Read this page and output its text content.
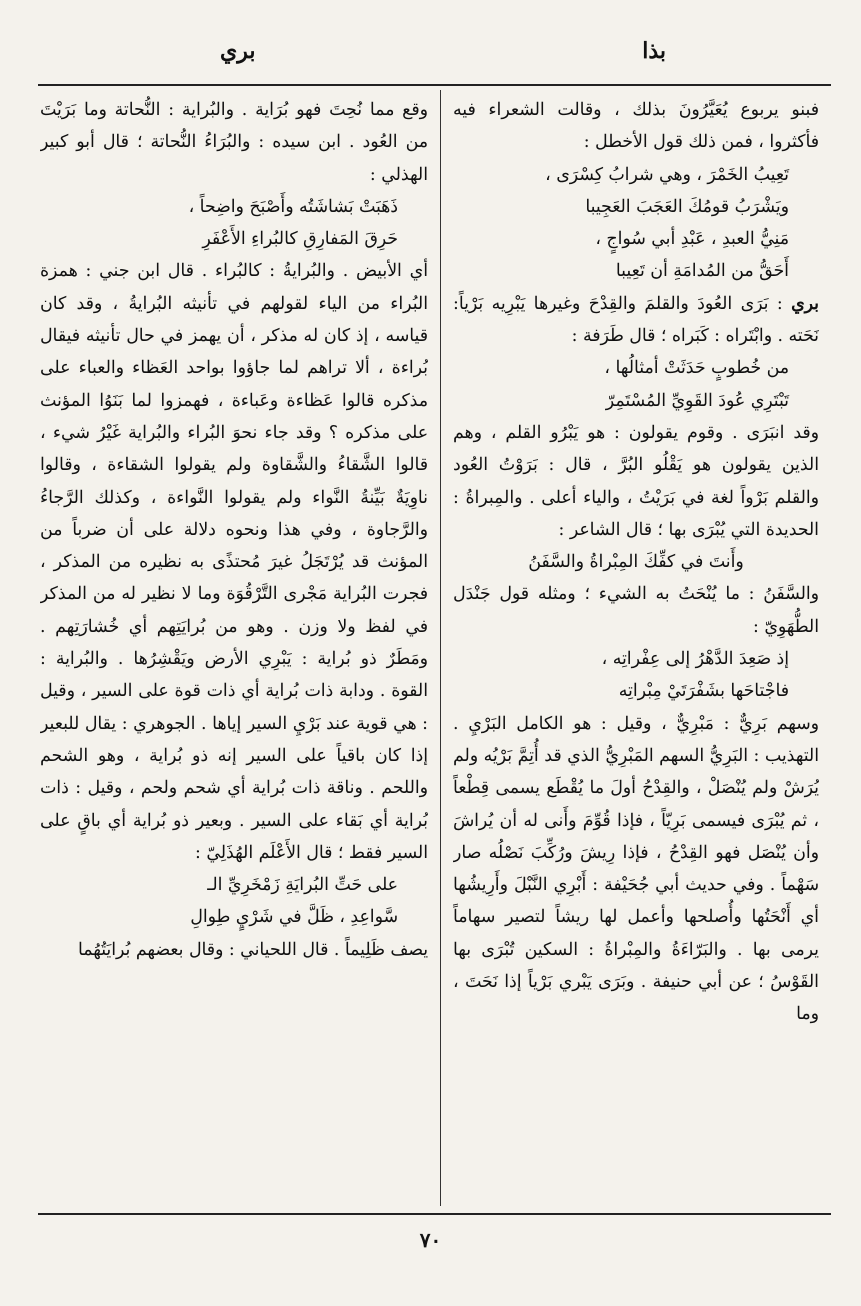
بذا
بري

فبنو يربوع يُعَيَّرُونَ بذلك ، وقالت الشعراء فيه فأكثروا ، فمن ذلك قول الأخطل :

تَعِيبُ الخَمْرَ ، وهي شرابُ كِسْرَى ،
ويَشْرَبُ قومُكَ العَجَبَ العَجِيبا
مَنِيُّ العبدِ ، عَبْدِ أبي سُواجٍ ،
أَحَقُّ من المُدامَةِ أن تَعِيبا

بري : بَرَى العُودَ والقلمَ والقِدْحَ وغيرها يَبْرِيه بَرْياً: نَحَته . وابْتَراه : كَبَراه ؛ قال طَرَفة :

من خُطوبٍ حَدَثَتْ أمثالُها ،
تَبْتَرِي عُودَ القَوِيِّ المُسْتَمِرّ

وقد انبَرَى . وقوم يقولون : هو يَبْرُو القلم ، وهم الذين يقولون هو يَقْلُو البُرَّ ، قال : بَرَوْتُ العُود والقلم بَرْواً لغة في بَرَيْتُ ، والياء أعلى . والمِبراةُ : الحديدة التي يُبْرَى بها ؛ قال الشاعر :

وأَنتَ في كفِّكَ المِبْراةُ والسَّفَنُ

والسَّفَنُ : ما يُنْحَتُ به الشيء ؛ ومثله قول جَنْدَل الطُّهَوِيّ :

إذ صَعِدَ الدَّهْرُ إلى عِفْراتِه ،
فاجْتاحَها بشَفْرَتَيْ مِبْراتِه

وسهم بَرِيٌّ : مَبْرِيٌّ ، وقيل : هو الكامل البَرْيِ . التهذيب : البَرِيُّ السهم المَبْرِيُّ الذي قد أُتِمَّ بَرْيُه ولم يُرَشْ ولم يُنْصَلْ ، والقِدْحُ أولَ ما يُقْطَع يسمى قِطْعاً ، ثم يُبْرَى فيسمى بَرِيّاً ، فإذا قُوِّمَ وأَنى له أن يُراشَ وأن يُنْصَل فهو القِدْحُ ، فإذا رِيشَ ورُكِّبَ نَصْلُه صار سَهْماً . وفي حديث أبي جُحَيْفة : أَبْرِي النَّبْلَ وأَرِيشُها أي أَنْحَتُها وأُصلحها وأعمل لها ريشاً لتصير سهاماً يرمى بها . والبَرّاءَةُ والمِبْراةُ : السكين تُبْرَى بها القَوْسُ ؛ عن أبي حنيفة . وبَرَى يَبْري بَرْياً إذا نَحَتَ ، وما

وقع مما نُحِتَ فهو بُرَاية . والبُراية : النُّحاتة وما بَرَيْتَ من العُود . ابن سيده : والبُرَاءُ النُّحاتة ؛ قال أبو كبير الهذلي :

ذَهَبَتْ بَشاشَتُه وأَصْبَحَ واضِحاً ،
حَرِقَ المَفارِقِ كالبُراءِ الأَعْفَرِ

أي الأبيض . والبُرايةُ : كالبُراء . قال ابن جني : همزة البُراء من الياء لقولهم في تأنيثه البُرايةُ ، وقد كان قياسه ، إذ كان له مذكر ، أن يهمز في حال تأنيثه فيقال بُراءة ، ألا تراهم لما جاؤوا بواحد العَظاء والعباء على مذكره قالوا عَظاءة وعَباءة ، فهمزوا لما بَنَوُا المؤنث على مذكره ؟ وقد جاء نحوَ البُراء والبُراية غَيْرُ شيء ، قالوا الشَّقاءُ والشَّقاوة ولم يقولوا الشقاءة ، وقالوا ناوِيَةٌ بَيِّنةُ النَّواء ولم يقولوا النَّواءة ، وكذلك الرَّجاءُ والرَّجاوة ، وفي هذا ونحوه دلالة على أن ضرباً من المؤنث قد يُرْتَجَلُ غيرَ مُحتذًى به نظيره من المذكر ، فجرت البُراية مَجْرى التَّرْقُوَة وما لا نظير له من المذكر في لفظ ولا وزن . وهو من بُرايَتِهم أي خُشارَتِهم . ومَطَرٌ ذو بُراية : يَبْرِي الأرض ويَقْشِرُها . والبُراية : القوة . ودابة ذات بُراية أي ذات قوة على السير ، وقيل : هي قوية عند بَرْيِ السير إياها . الجوهري : يقال للبعير إذا كان باقياً على السير إنه ذو بُراية ، وهو الشحم واللحم . وناقة ذات بُراية أي شحم ولحم ، وقيل : ذات بُراية أي بَقاء على السير . وبعير ذو بُراية أي باقٍ على السير فقط ؛ قال الأَعْلَم الهُذَلِيّ :

على حَتِّ البُرايَةِ زَمْخَرِيِّ الـ
سَّواعِدِ ، ظَلَّ في شَرْيٍ طِوالِ

يصف ظَلِيماً . قال اللحياني : وقال بعضهم بُرايَتُهُما

٧٠
